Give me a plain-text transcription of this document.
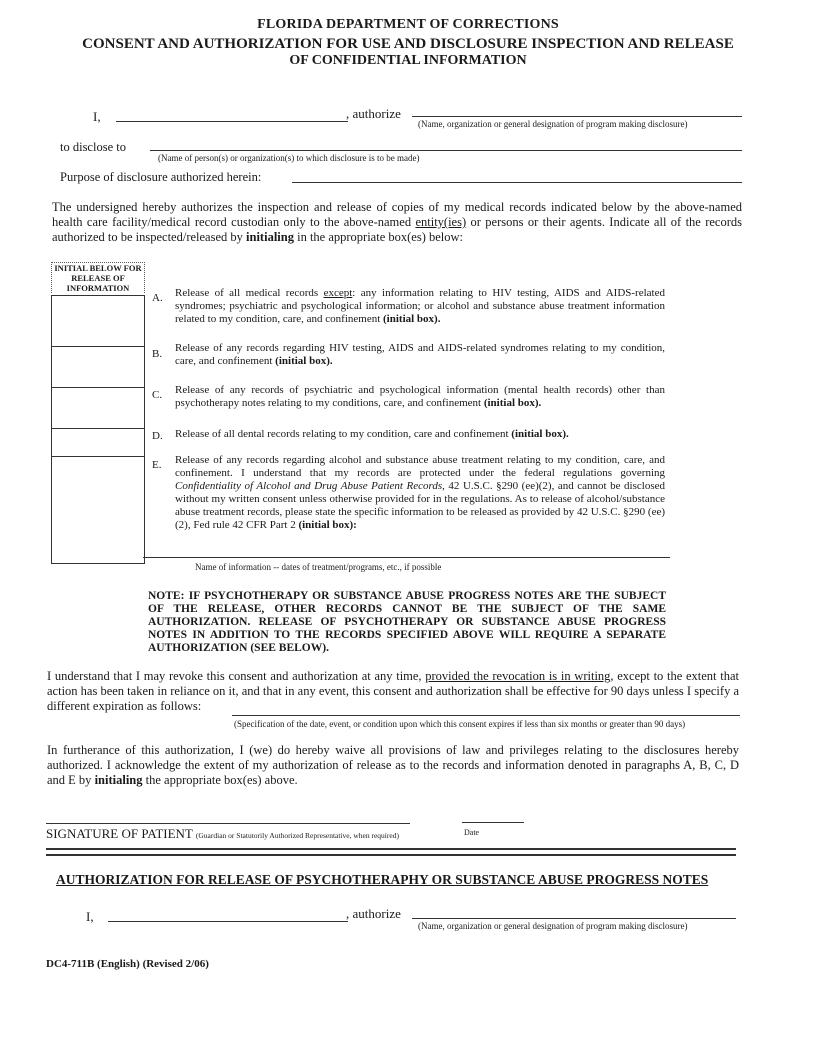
FLORIDA DEPARTMENT OF CORRECTIONS
CONSENT AND AUTHORIZATION FOR USE AND DISCLOSURE INSPECTION AND RELEASE
OF CONFIDENTIAL INFORMATION
I,	, authorize
(Name, organization or general designation of program making disclosure)
to disclose to
(Name of person(s) or organization(s) to which disclosure is to be made)
Purpose of disclosure authorized herein:
The undersigned hereby authorizes the inspection and release of copies of my medical records indicated below by the above-named health care facility/medical record custodian only to the above-named entity(ies) or persons or their agents. Indicate all of the records authorized to be inspected/released by initialing in the appropriate box(es) below:
INITIAL BELOW FOR RELEASE OF INFORMATION
A. Release of all medical records except: any information relating to HIV testing, AIDS and AIDS-related syndromes; psychiatric and psychological information; or alcohol and substance abuse treatment information related to my condition, care, and confinement (initial box).
B. Release of any records regarding HIV testing, AIDS and AIDS-related syndromes relating to my condition, care, and confinement (initial box).
C. Release of any records of psychiatric and psychological information (mental health records) other than psychotherapy notes relating to my conditions, care, and confinement (initial box).
D. Release of all dental records relating to my condition, care and confinement (initial box).
E. Release of any records regarding alcohol and substance abuse treatment relating to my condition, care, and confinement. I understand that my records are protected under the federal regulations governing Confidentiality of Alcohol and Drug Abuse Patient Records, 42 U.S.C. §290 (ee)(2), and cannot be disclosed without my written consent unless otherwise provided for in the regulations. As to release of alcohol/substance abuse treatment records, please state the specific information to be released as provided by 42 U.S.C. §290 (ee)(2), Fed rule 42 CFR Part 2 (initial box):
Name of information -- dates of treatment/programs, etc., if possible
NOTE: IF PSYCHOTHERAPY OR SUBSTANCE ABUSE PROGRESS NOTES ARE THE SUBJECT OF THE RELEASE, OTHER RECORDS CANNOT BE THE SUBJECT OF THE SAME AUTHORIZATION. RELEASE OF PSYCHOTHERAPY OR SUBSTANCE ABUSE PROGRESS NOTES IN ADDITION TO THE RECORDS SPECIFIED ABOVE WILL REQUIRE A SEPARATE AUTHORIZATION (SEE BELOW).
I understand that I may revoke this consent and authorization at any time, provided the revocation is in writing, except to the extent that action has been taken in reliance on it, and that in any event, this consent and authorization shall be effective for 90 days unless I specify a different expiration as follows:
(Specification of the date, event, or condition upon which this consent expires if less than six months or greater than 90 days)
In furtherance of this authorization, I (we) do hereby waive all provisions of law and privileges relating to the disclosures hereby authorized. I acknowledge the extent of my authorization of release as to the records and information denoted in paragraphs A, B, C, D and E by initialing the appropriate box(es) above.
SIGNATURE OF PATIENT (Guardian or Statutorily Authorized Representative, when required)	Date
AUTHORIZATION FOR RELEASE OF PSYCHOTHERAPHY OR SUBSTANCE ABUSE PROGRESS NOTES
I,	, authorize
(Name, organization or general designation of program making disclosure)
DC4-711B (English) (Revised 2/06)
